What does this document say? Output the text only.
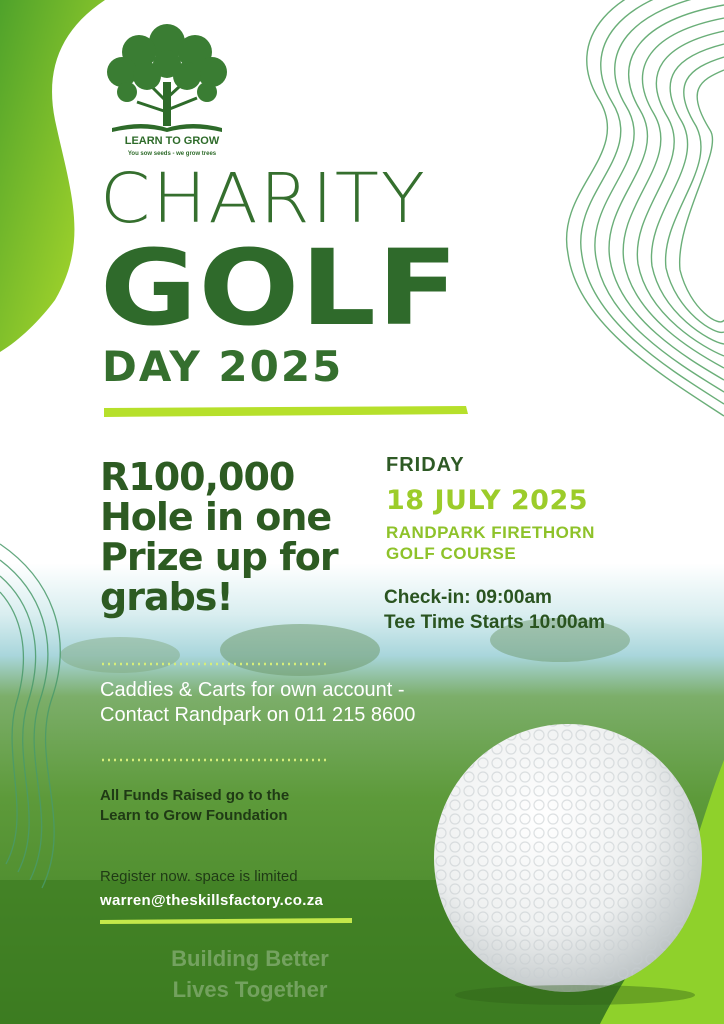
LEARN TO GROW
You sow seeds - we grow trees
CHARITY
GOLF
DAY 2025
R100,000 Hole in one Prize up for grabs!
FRIDAY
18 JULY 2025
RANDPARK FIRETHORN
GOLF COURSE
Check-in: 09:00am
Tee Time Starts 10:00am
Caddies & Carts for own account - Contact Randpark on 011 215 8600
All Funds Raised go to the Learn to Grow Foundation
Register now. space is limited
warren@theskillsfactory.co.za
Building Better
Lives Together
